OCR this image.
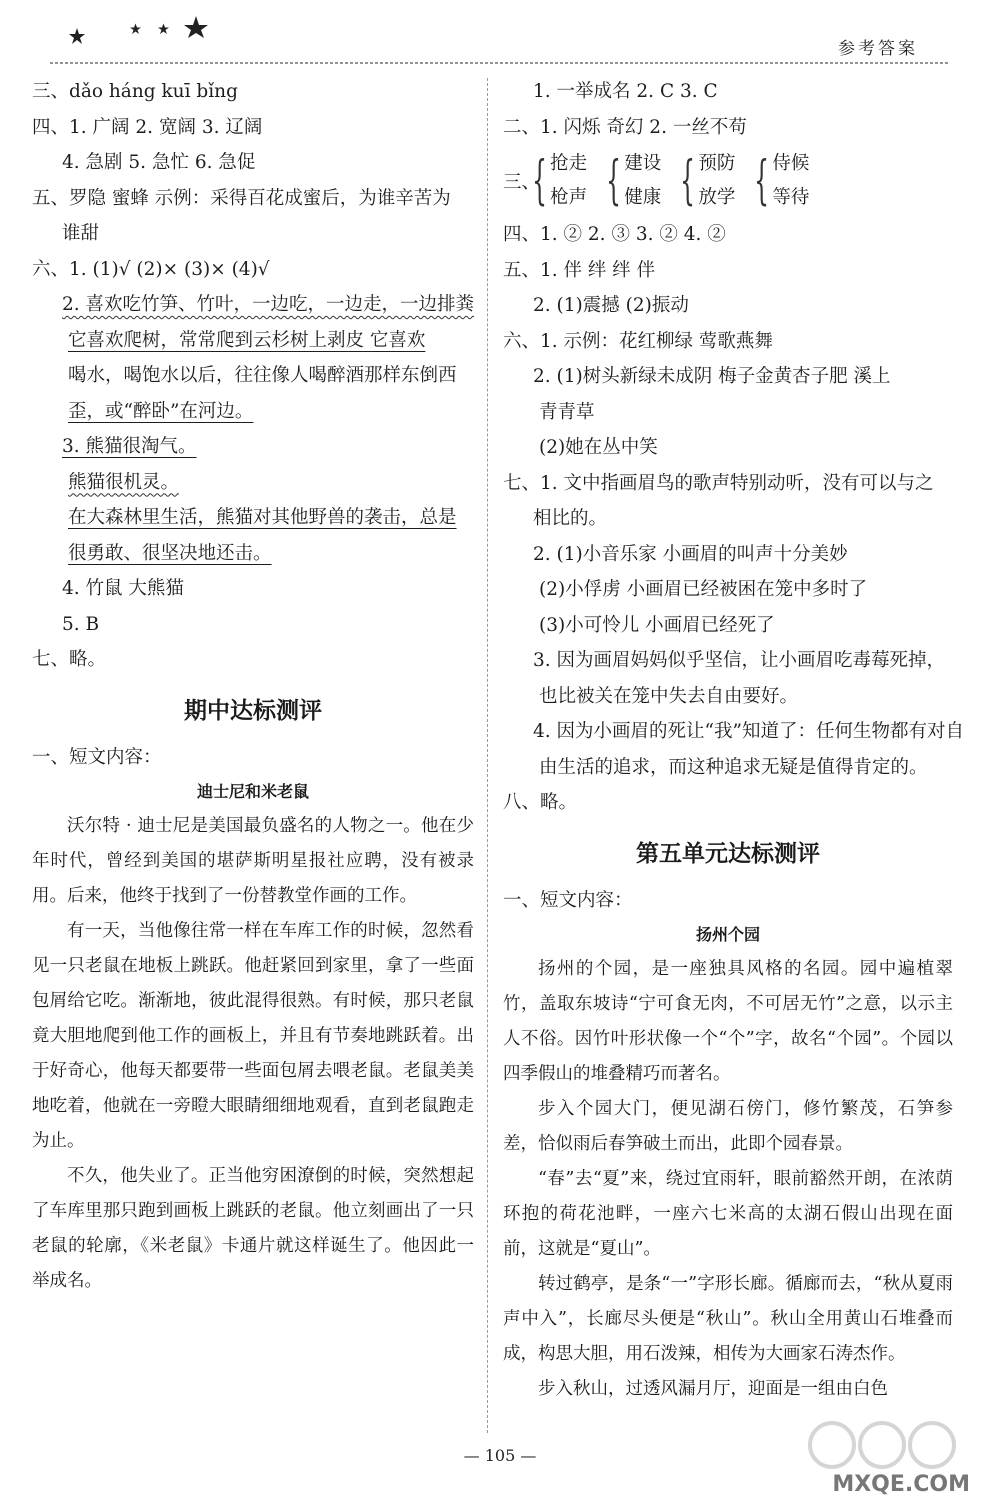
参考答案
三、dǎo háng kuī bǐng
四、1. 广阔 2. 宽阔 3. 辽阔
4. 急剧 5. 急忙 6. 急促
五、罗隐 蜜蜂 示例：采得百花成蜜后，为谁辛苦为
谁甜
六、1. (1)√ (2)× (3)× (4)√
2. 喜欢吃竹笋、竹叶，一边吃，一边走，一边排粪
它喜欢爬树，常常爬到云杉树上剥皮 它喜欢
喝水，喝饱水以后，往往像人喝醉酒那样东倒西
歪，或“醉卧”在河边。
3. 熊猫很淘气。
熊猫很机灵。
在大森林里生活，熊猫对其他野兽的袭击，总是
很勇敢、很坚决地还击。
4. 竹鼠 大熊猫
5. B
七、略。
期中达标测评
一、短文内容：
迪士尼和米老鼠
沃尔特 · 迪士尼是美国最负盛名的人物之一。他在少年时代，曾经到美国的堪萨斯明星报社应聘，没有被录用。后来，他终于找到了一份替教堂作画的工作。
有一天，当他像往常一样在车库工作的时候，忽然看见一只老鼠在地板上跳跃。他赶紧回到家里，拿了一些面包屑给它吃。渐渐地，彼此混得很熟。有时候，那只老鼠竟大胆地爬到他工作的画板上，并且有节奏地跳跃着。出于好奇心，他每天都要带一些面包屑去喂老鼠。老鼠美美地吃着，他就在一旁瞪大眼睛细细地观看，直到老鼠跑走为止。
不久，他失业了。正当他穷困潦倒的时候，突然想起了车库里那只跑到画板上跳跃的老鼠。他立刻画出了一只老鼠的轮廓，《米老鼠》卡通片就这样诞生了。他因此一举成名。
1. 一举成名 2. C 3. C
二、1. 闪烁 奇幻 2. 一丝不苟
三、
{ 抢走
枪声 { 建设
健康 { 预防
放学 { 侍候
等待
四、1. ② 2. ③ 3. ② 4. ②
五、1. 伴 绊 绊 伴
2. (1)震撼 (2)振动
六、1. 示例：花红柳绿 莺歌燕舞
2. (1)树头新绿未成阴 梅子金黄杏子肥 溪上
青青草
(2)她在丛中笑
七、1. 文中指画眉鸟的歌声特别动听，没有可以与之
相比的。
2. (1)小音乐家 小画眉的叫声十分美妙
(2)小俘虏 小画眉已经被困在笼中多时了
(3)小可怜儿 小画眉已经死了
3. 因为画眉妈妈似乎坚信，让小画眉吃毒莓死掉，
也比被关在笼中失去自由要好。
4. 因为小画眉的死让“我”知道了：任何生物都有对自
由生活的追求，而这种追求无疑是值得肯定的。
八、略。
第五单元达标测评
一、短文内容：
扬州个园
扬州的个园，是一座独具风格的名园。园中遍植翠竹，盖取东坡诗“宁可食无肉，不可居无竹”之意，以示主人不俗。因竹叶形状像一个“个”字，故名“个园”。个园以四季假山的堆叠精巧而著名。
步入个园大门，便见湖石傍门，修竹繁茂，石笋参差，恰似雨后春笋破土而出，此即个园春景。
“春”去“夏”来，绕过宜雨轩，眼前豁然开朗，在浓荫环抱的荷花池畔，一座六七米高的太湖石假山出现在面前，这就是“夏山”。
转过鹤亭，是条“一”字形长廊。循廊而去，“秋从夏雨声中入”，长廊尽头便是“秋山”。秋山全用黄山石堆叠而成，构思大胆，用石泼辣，相传为大画家石涛杰作。
步入秋山，过透风漏月厅，迎面是一组由白色
— 105 —
MXQE.COM
